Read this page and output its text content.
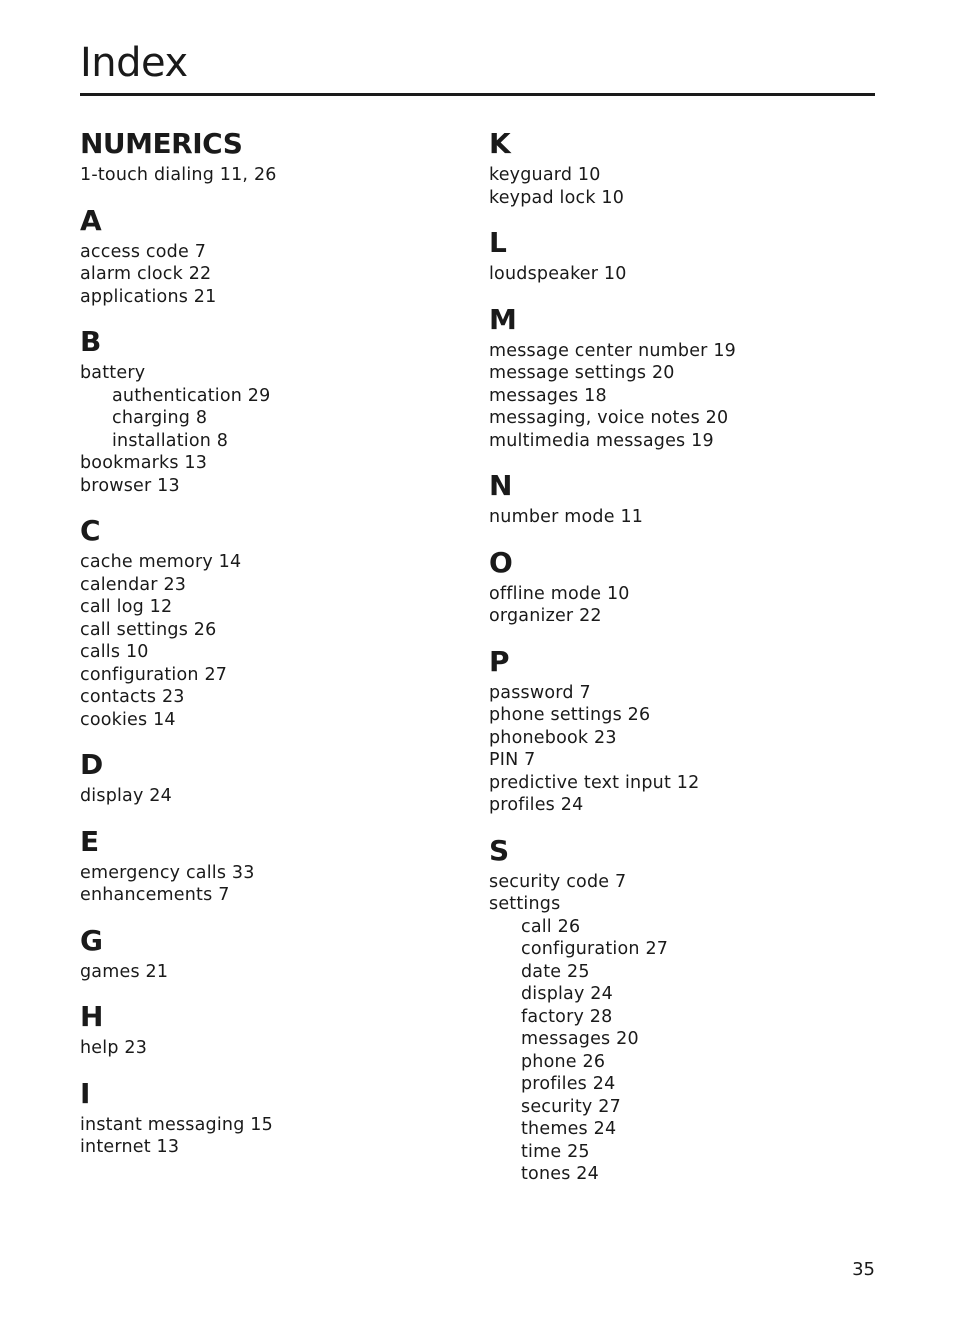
Index
NUMERICS
1-touch dialing 11, 26
A
access code 7
alarm clock 22
applications 21
B
battery
authentication 29
charging 8
installation 8
bookmarks 13
browser 13
C
cache memory 14
calendar 23
call log 12
call settings 26
calls 10
configuration 27
contacts 23
cookies 14
D
display 24
E
emergency calls 33
enhancements 7
G
games 21
H
help 23
I
instant messaging 15
internet 13
K
keyguard 10
keypad lock 10
L
loudspeaker 10
M
message center number 19
message settings 20
messages 18
messaging, voice notes 20
multimedia messages 19
N
number mode 11
O
offline mode 10
organizer 22
P
password 7
phone settings 26
phonebook 23
PIN 7
predictive text input 12
profiles 24
S
security code 7
settings
call 26
configuration 27
date 25
display 24
factory 28
messages 20
phone 26
profiles 24
security 27
themes 24
time 25
tones 24
35
